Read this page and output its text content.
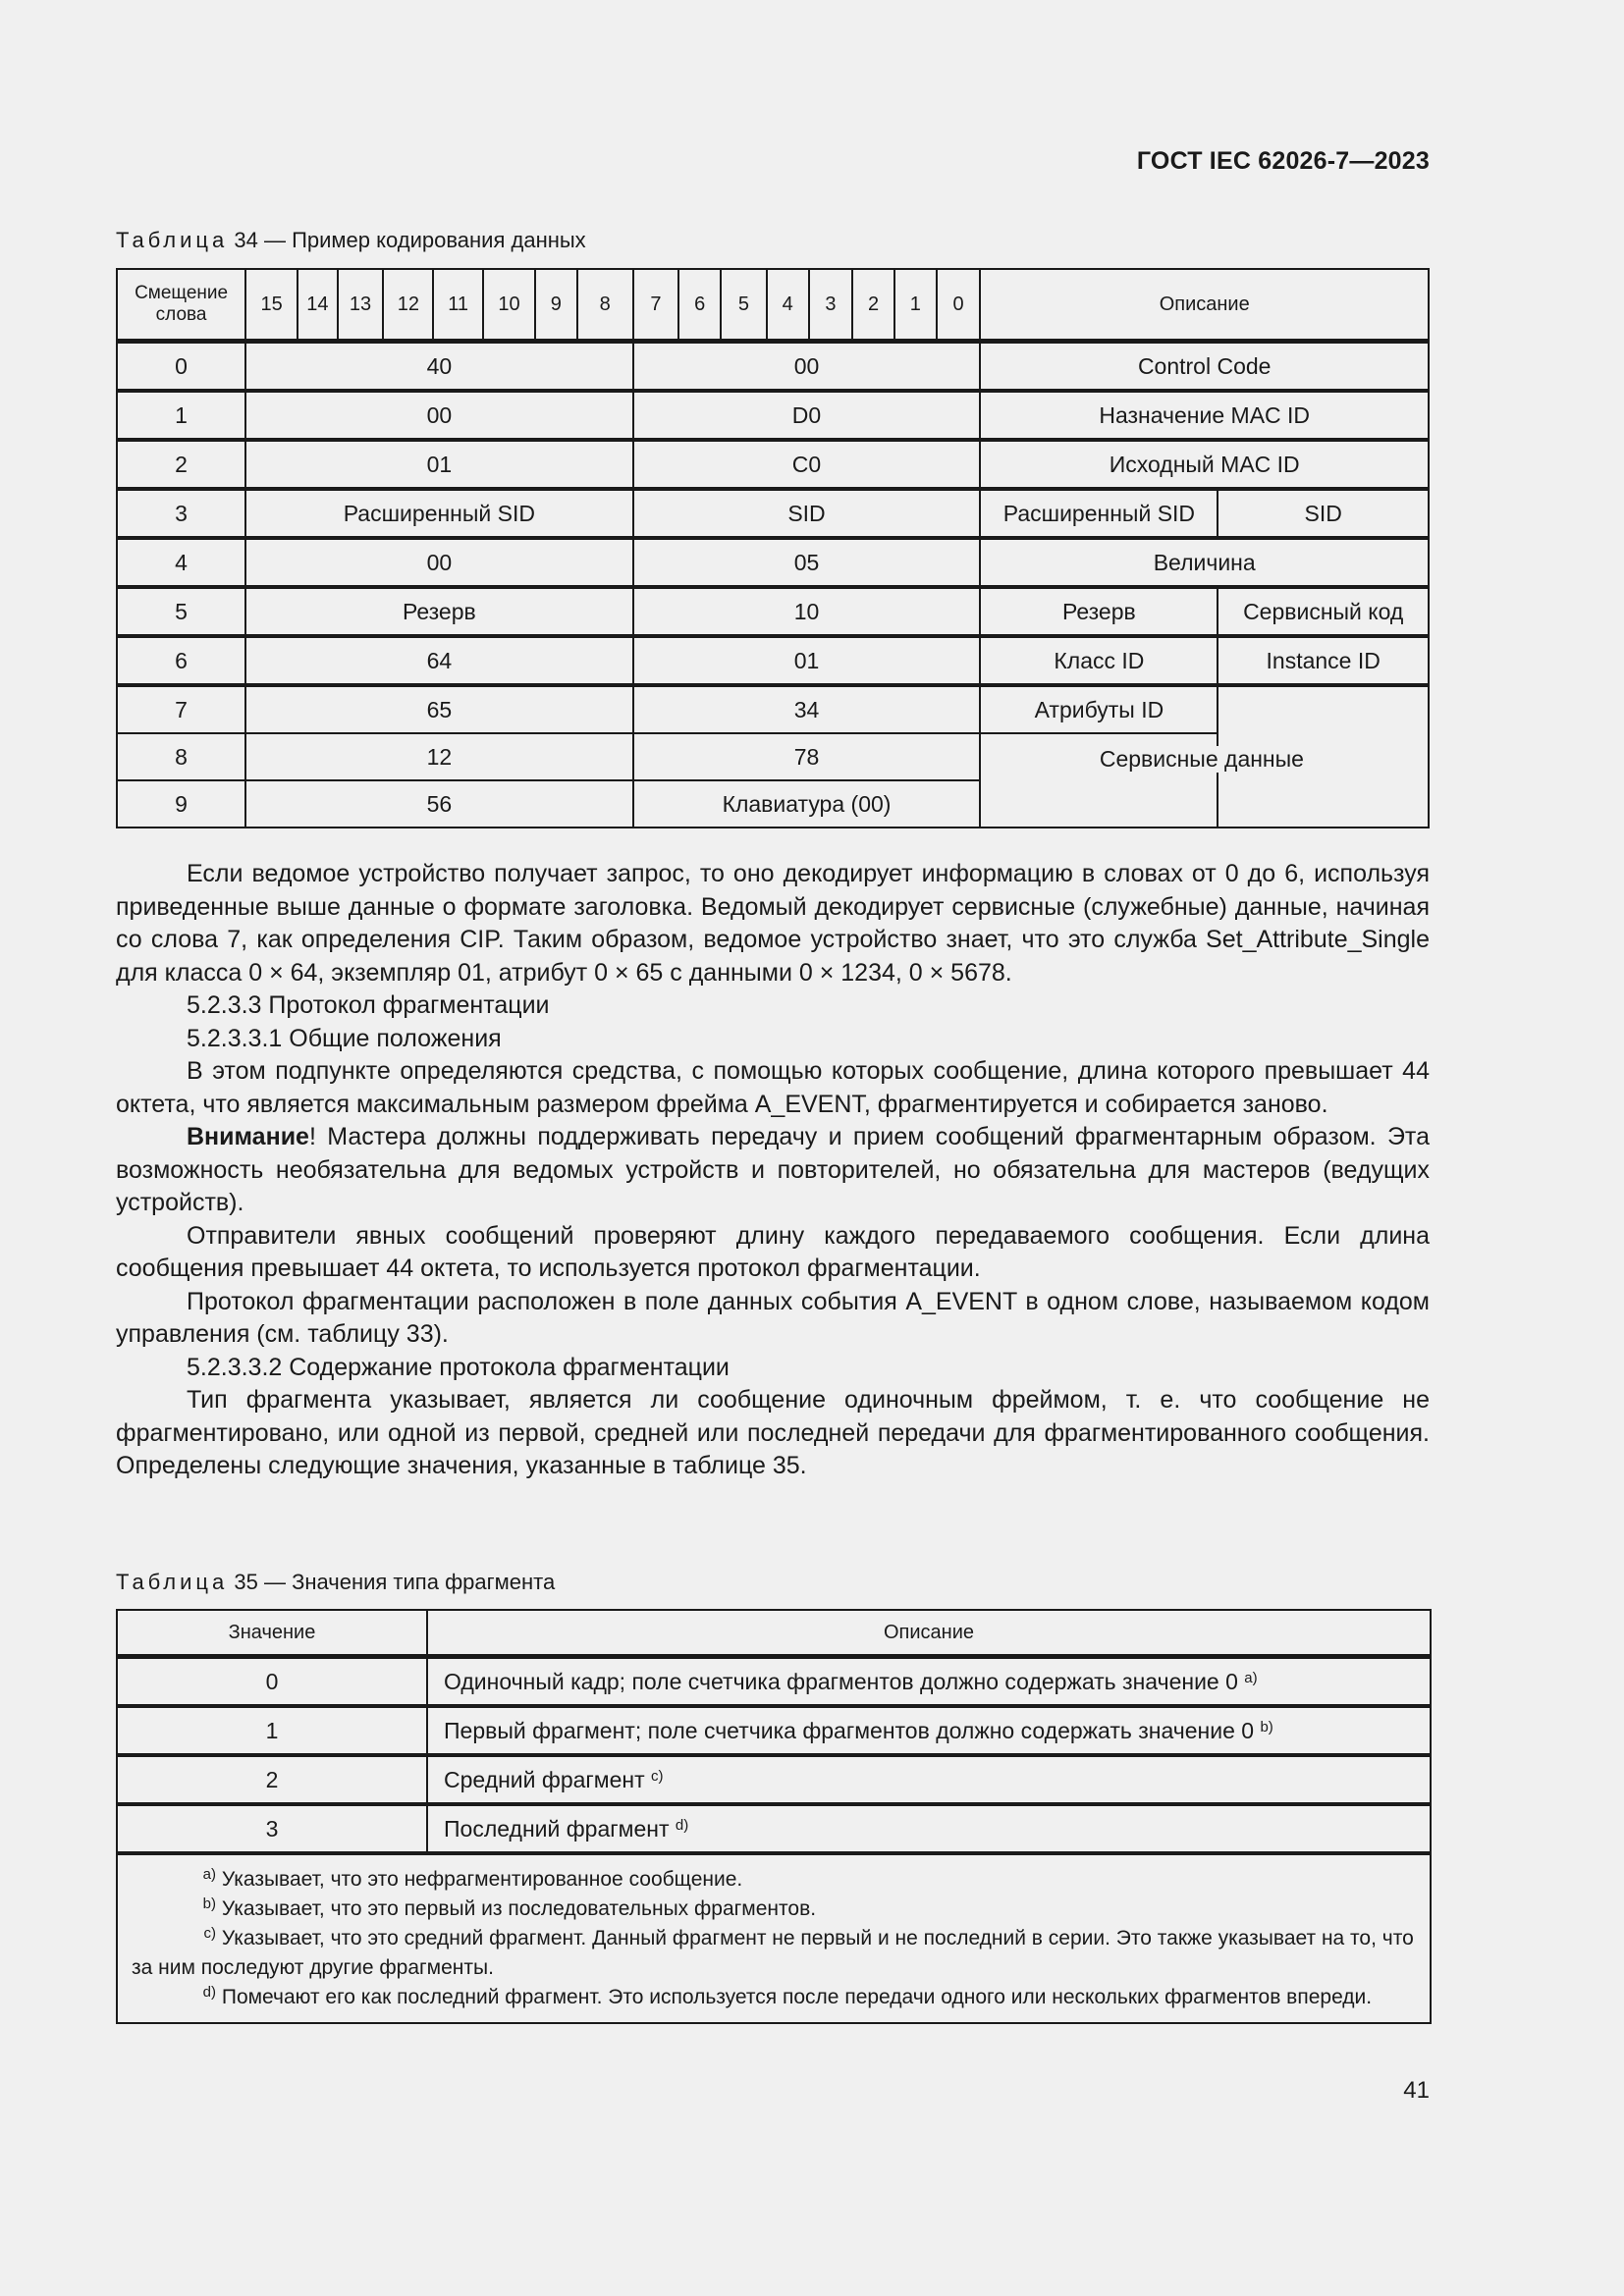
ГОСТ IEC 62026-7—2023
Таблица 34 — Пример кодирования данных
Смещение слова	15	14	13	12	11	10	9	8	7	6	5	4	3	2	1	0	Описание	
0	40								00								Control Code	
1	00								D0								Назначение MAC ID	
2	01								C0								Исходный MAC ID	
3	Расширенный SID								SID								Расширенный SID	SID
4	00								05								Величина	
5	Резерв								10								Резерв	Сервисный код
6	64								01								Класс ID	Instance ID
7	65								34								Атрибуты ID	
8	12								78								Сервисные данные	

9	56								Клавиатура (00)									

Если ведомое устройство получает запрос, то оно декодирует информацию в словах от 0 до 6, используя приведенные выше данные о формате заголовка. Ведомый декодирует сервисные (служебные) данные, начиная со слова 7, как определения CIP. Таким образом, ведомое устройство знает, что это служба Set_Attribute_Single для класса 0 × 64, экземпляр 01, атрибут 0 × 65 с данными 0 × 1234, 0 × 5678.

5.2.3.3 Протокол фрагментации

5.2.3.3.1 Общие положения

В этом подпункте определяются средства, с помощью которых сообщение, длина которого превышает 44 октета, что является максимальным размером фрейма A_EVENT, фрагментируется и собирается заново.

Внимание! Мастера должны поддерживать передачу и прием сообщений фрагментарным образом. Эта возможность необязательна для ведомых устройств и повторителей, но обязательна для мастеров (ведущих устройств).

Отправители явных сообщений проверяют длину каждого передаваемого сообщения. Если длина сообщения превышает 44 октета, то используется протокол фрагментации.

Протокол фрагментации расположен в поле данных события A_EVENT в одном слове, называемом кодом управления (см. таблицу 33).

5.2.3.3.2 Содержание протокола фрагментации

Тип фрагмента указывает, является ли сообщение одиночным фреймом, т. е. что сообщение не фрагментировано, или одной из первой, средней или последней передачи для фрагментированного сообщения. Определены следующие значения, указанные в таблице 35.

Таблица 35 — Значения типа фрагмента
Значение	Описание
0	Одиночный кадр; поле счетчика фрагментов должно содержать значение 0 $^{a)}$
1	Первый фрагмент; поле счетчика фрагментов должно содержать значение 0 $^{b)}$
2	Средний фрагмент $^{c)}$
3	Последний фрагмент $^{d)}$

$^{a)}$ Указывает, что это нефрагментированное сообщение.
$^{b)}$ Указывает, что это первый из последовательных фрагментов.
$^{c)}$ Указывает, что это средний фрагмент. Данный фрагмент не первый и не последний в серии. Это также указывает на то, что за ним последуют другие фрагменты.
$^{d)}$ Помечают его как последний фрагмент. Это используется после передачи одного или нескольких фрагментов впереди.	
41
